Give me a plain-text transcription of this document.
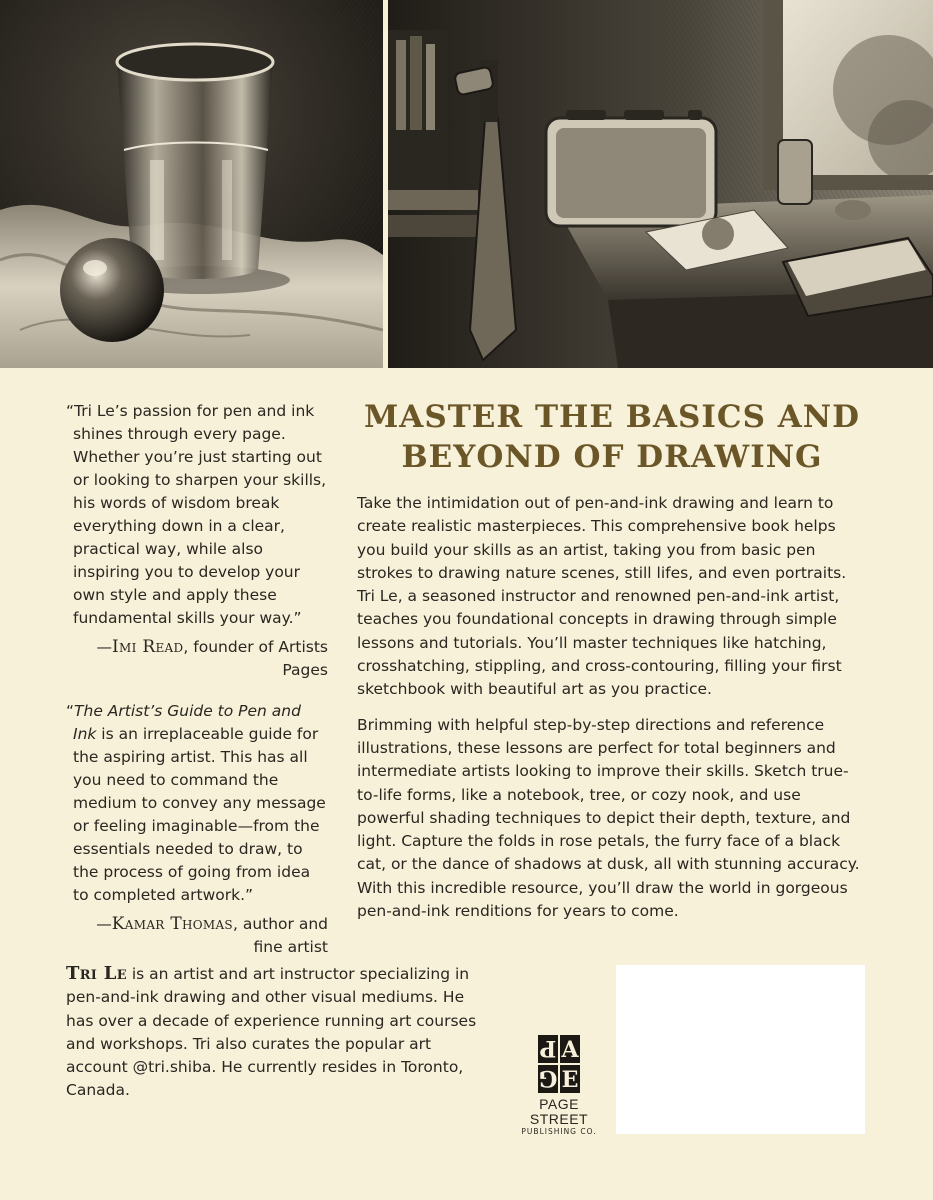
“Tri Le’s passion for pen and ink shines through every page. Whether you’re just starting out or looking to sharpen your skills, his words of wisdom break everything down in a clear, practical way, while also inspiring you to develop your own style and apply these fundamental skills your way.”

—Imi Read, founder of Artists Pages

“The Artist’s Guide to Pen and Ink is an irreplaceable guide for the aspiring artist. This has all you need to command the medium to convey any message or feeling imaginable—from the essentials needed to draw, to the process of going from idea to completed artwork.”

—Kamar Thomas, author and fine artist

MASTER THE BASICS AND
BEYOND OF DRAWING

Take the intimidation out of pen-and-ink drawing and learn to create realistic masterpieces. This comprehensive book helps you build your skills as an artist, taking you from basic pen strokes to drawing nature scenes, still lifes, and even portraits. Tri Le, a seasoned instructor and renowned pen-and-ink artist, teaches you foundational concepts in drawing through simple lessons and tutorials. You’ll master techniques like hatching, crosshatching, stippling, and cross-contouring, filling your first sketchbook with beautiful art as you practice.

Brimming with helpful step-by-step directions and reference illustrations, these lessons are perfect for total beginners and intermediate artists looking to improve their skills. Sketch true-to-life forms, like a notebook, tree, or cozy nook, and use powerful shading techniques to depict their depth, texture, and light. Capture the folds in rose petals, the furry face of a black cat, or the dance of shadows at dusk, all with stunning accuracy. With this incredible resource, you’ll draw the world in gorgeous pen-and-ink renditions for years to come.

Tri Le is an artist and art instructor specializing in pen-and-ink drawing and other visual mediums. He has over a decade of experience running art courses and workshops. Tri also curates the popular art account @tri.shiba. He currently resides in Toronto, Canada.

P A
G E
PAGE STREET
PUBLISHING CO.
